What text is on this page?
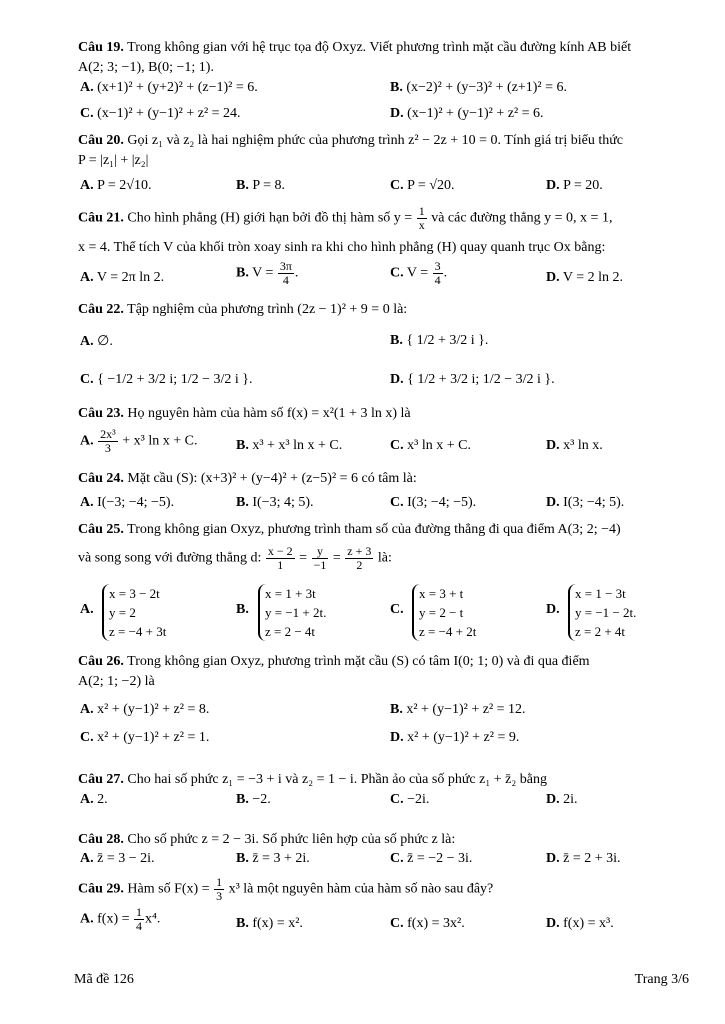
Câu 19. Trong không gian với hệ trục tọa độ Oxyz. Viết phương trình mặt cầu đường kính AB biết
A(2; 3; −1), B(0; −1; 1).
A. (x+1)² + (y+2)² + (z−1)² = 6.	B. (x−2)² + (y−3)² + (z+1)² = 6.
C. (x−1)² + (y−1)² + z² = 24.	D. (x−1)² + (y−1)² + z² = 6.
Câu 20. Gọi z₁ và z₂ là hai nghiệm phức của phương trình z² − 2z + 10 = 0. Tính giá trị biểu thức
P = |z₁| + |z₂|
A. P = 2√10.	B. P = 8.	C. P = √20.	D. P = 20.
Câu 21. Cho hình phẳng (H) giới hạn bởi đồ thị hàm số $y = \frac{1}{x}$ và các đường thẳng y = 0, x = 1,
x = 4. Thể tích V của khối tròn xoay sinh ra khi cho hình phẳng (H) quay quanh trục Ox bằng:
A. V = 2π ln 2.	B. $V = \frac{3\pi}{4}$ .	C. $V = \frac{3}{4}$ .	D. V = 2 ln 2.
Câu 22. Tập nghiệm của phương trình (2z − 1)² + 9 = 0 là:
A. ∅.	B. { 1/2 + 3/2 i }.
C. { −1/2 + 3/2 i; 1/2 − 3/2 i }.	D. { 1/2 + 3/2 i; 1/2 − 3/2 i }.
Câu 23. Họ nguyên hàm của hàm số f(x) = x²(1 + 3 ln x) là
A. $\frac{\text{2x³}}{3} + x^3$ ln x + C.	B. x³ + x³ ln x + C.	C. x³ ln x + C.	D. x³ ln x.
Câu 24. Mặt cầu (S): (x+3)² + (y−4)² + (z−5)² = 6 có tâm là:
A. I(−3; −4; −5).	B. I(−3; 4; 5).	C. I(3; −4; −5).	D. I(3; −4; 5).
Câu 25. Trong không gian Oxyz, phương trình tham số của đường thẳng đi qua điểm A(3; 2; −4)
và song song với đường thẳng d: $\frac{x - 2}{1} = \frac{y}{-1} = \frac{z + 3}{2}$ là:
A.
x = 3 − 2t
y = 2
z = −4 + 3t
B.
x = 1 + 3t
y = −1 + 2t.
z = 2 − 4t
C.
x = 3 + t
y = 2 − t
z = −4 + 2t
D.
x = 1 − 3t
y = −1 − 2t.
z = 2 + 4t
Câu 26. Trong không gian Oxyz, phương trình mặt cầu (S) có tâm I(0; 1; 0) và đi qua điểm
A(2; 1; −2) là
A. x² + (y−1)² + z² = 8.	B. x² + (y−1)² + z² = 12.
C. x² + (y−1)² + z² = 1.	D. x² + (y−1)² + z² = 9.
Câu 27. Cho hai số phức z₁ = −3 + i và z₂ = 1 − i. Phần ảo của số phức z₁ + z̄₂ bằng
A. 2.	B. −2.	C. −2i.	D. 2i.
Câu 28. Cho số phức z = 2 − 3i. Số phức liên hợp của số phức z là:
A. z̄ = 3 − 2i.	B. z̄ = 3 + 2i.	C. z̄ = −2 − 3i.	D. z̄ = 2 + 3i.
Câu 29. Hàm số $F(x) = \frac{1}{3} x^3$ là một nguyên hàm của hàm số nào sau đây?
A. $f(x) = \frac{1}{4} x^4$.	B. f(x) = x².	C. f(x) = 3x².	D. f(x) = x³.
Mã đề 126	Trang 3/6
